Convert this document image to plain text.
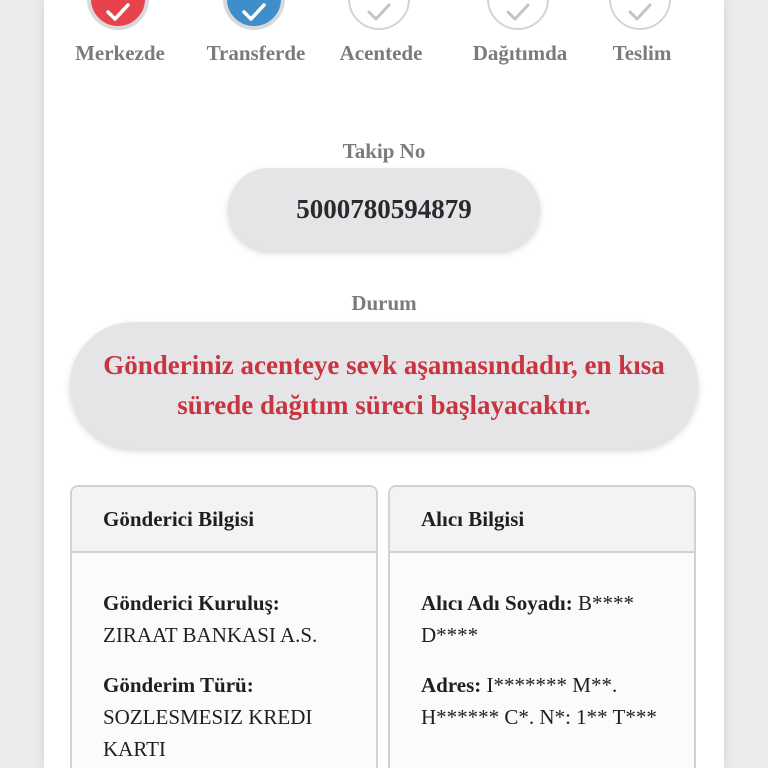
Merkezde	Transferde	Acentede	Dağıtımda	Teslim
Takip No
5000780594879
Durum
Gönderiniz acenteye sevk aşamasındadır, en kısa sürede dağıtım süreci başlayacaktır.
Gönderici Bilgisi
Gönderici Kuruluş:
ZIRAAT BANKASI A.S.
Gönderim Türü:
SOZLESMESIZ KREDI KARTI
Alıcı Bilgisi
Alıcı Adı Soyadı: B**** D****
Adres: I******* M**. H****** C*. N*: 1** T***
